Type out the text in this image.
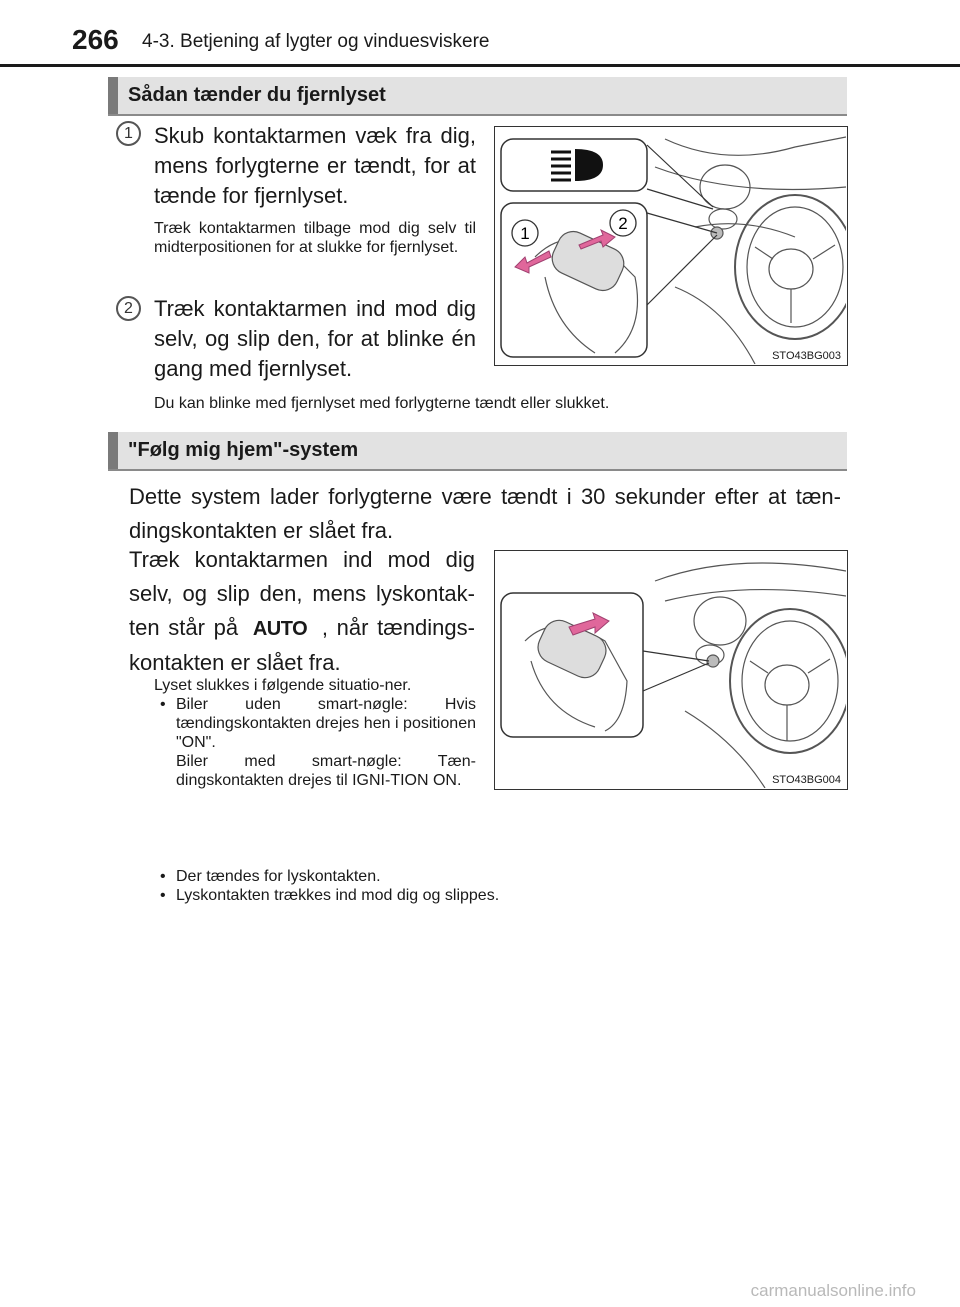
266 4-3. Betjening af lygter og vinduesviskere
Sådan tænder du fjernlyset
1 Skub kontaktarmen væk fra dig, mens forlygterne er tændt, for at tænde for fjernlyset.
Træk kontaktarmen tilbage mod dig selv til midterpositionen for at slukke for fjernlyset.
2 Træk kontaktarmen ind mod dig selv, og slip den, for at blinke én gang med fjernlyset.
Du kan blinke med fjernlyset med forlygterne tændt eller slukket.
1
2
STO43BG003
"Følg mig hjem"-system
Dette system lader forlygterne være tændt i 30 sekunder efter at tæn-dingskontakten er slået fra.
Træk kontaktarmen ind mod dig selv, og slip den, mens lyskontak-ten står på AUTO , når tændings-kontakten er slået fra.
Lyset slukkes i følgende situatio-ner.
• Biler uden smart-nøgle: Hvis tændingskontakten drejes hen i positionen "ON".
Biler med smart-nøgle: Tæn-dingskontakten drejes til IGNI-TION ON.
• Der tændes for lyskontakten.
• Lyskontakten trækkes ind mod dig og slippes.
STO43BG004
carmanualsonline.info
